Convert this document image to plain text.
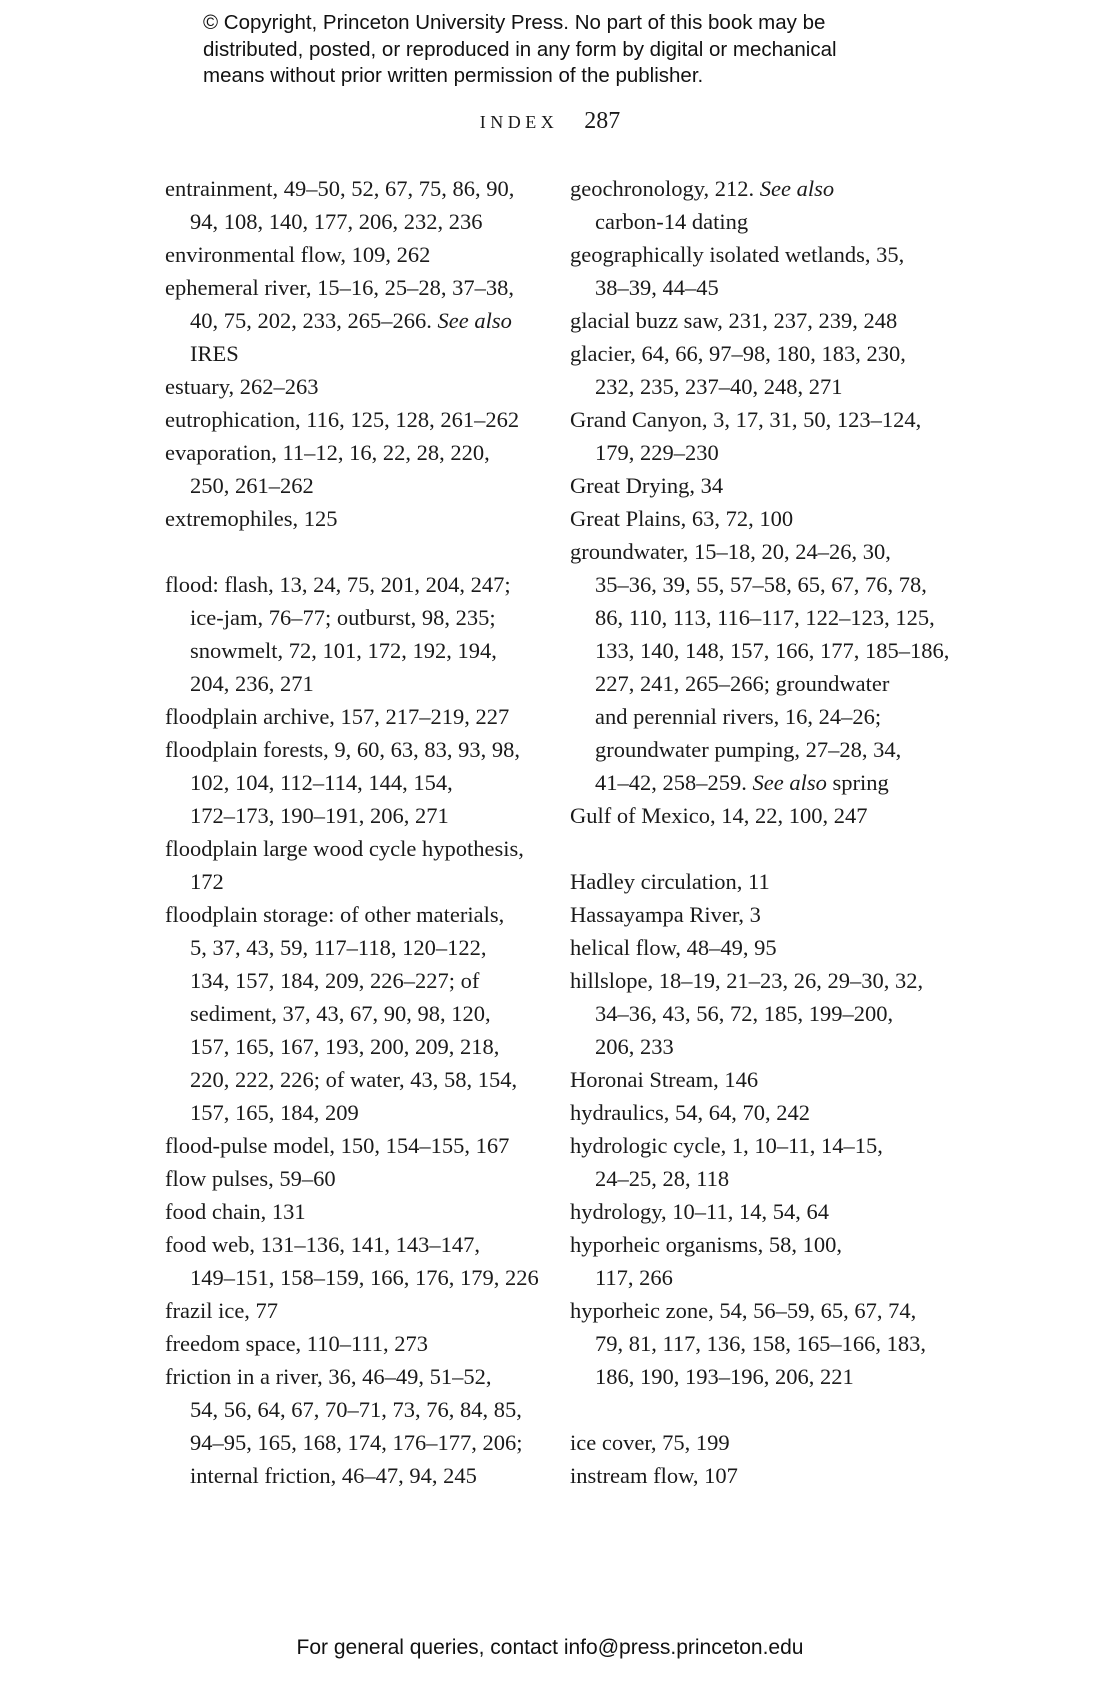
© Copyright, Princeton University Press. No part of this book may be
distributed, posted, or reproduced in any form by digital or mechanical
means without prior written permission of the publisher.
INDEX 287
entrainment, 49–50, 52, 67, 75, 86, 90,
94, 108, 140, 177, 206, 232, 236
environmental flow, 109, 262
ephemeral river, 15–16, 25–28, 37–38,
40, 75, 202, 233, 265–266. See also
IRES
estuary, 262–263
eutrophication, 116, 125, 128, 261–262
evaporation, 11–12, 16, 22, 28, 220,
250, 261–262
extremophiles, 125
flood: flash, 13, 24, 75, 201, 204, 247;
ice-jam, 76–77; outburst, 98, 235;
snowmelt, 72, 101, 172, 192, 194,
204, 236, 271
floodplain archive, 157, 217–219, 227
floodplain forests, 9, 60, 63, 83, 93, 98,
102, 104, 112–114, 144, 154,
172–173, 190–191, 206, 271
floodplain large wood cycle hypothesis,
172
floodplain storage: of other materials,
5, 37, 43, 59, 117–118, 120–122,
134, 157, 184, 209, 226–227; of
sediment, 37, 43, 67, 90, 98, 120,
157, 165, 167, 193, 200, 209, 218,
220, 222, 226; of water, 43, 58, 154,
157, 165, 184, 209
flood-pulse model, 150, 154–155, 167
flow pulses, 59–60
food chain, 131
food web, 131–136, 141, 143–147,
149–151, 158–159, 166, 176, 179, 226
frazil ice, 77
freedom space, 110–111, 273
friction in a river, 36, 46–49, 51–52,
54, 56, 64, 67, 70–71, 73, 76, 84, 85,
94–95, 165, 168, 174, 176–177, 206;
internal friction, 46–47, 94, 245
geochronology, 212. See also
carbon-14 dating
geographically isolated wetlands, 35,
38–39, 44–45
glacial buzz saw, 231, 237, 239, 248
glacier, 64, 66, 97–98, 180, 183, 230,
232, 235, 237–40, 248, 271
Grand Canyon, 3, 17, 31, 50, 123–124,
179, 229–230
Great Drying, 34
Great Plains, 63, 72, 100
groundwater, 15–18, 20, 24–26, 30,
35–36, 39, 55, 57–58, 65, 67, 76, 78,
86, 110, 113, 116–117, 122–123, 125,
133, 140, 148, 157, 166, 177, 185–186,
227, 241, 265–266; groundwater
and perennial rivers, 16, 24–26;
groundwater pumping, 27–28, 34,
41–42, 258–259. See also spring
Gulf of Mexico, 14, 22, 100, 247
Hadley circulation, 11
Hassayampa River, 3
helical flow, 48–49, 95
hillslope, 18–19, 21–23, 26, 29–30, 32,
34–36, 43, 56, 72, 185, 199–200,
206, 233
Horonai Stream, 146
hydraulics, 54, 64, 70, 242
hydrologic cycle, 1, 10–11, 14–15,
24–25, 28, 118
hydrology, 10–11, 14, 54, 64
hyporheic organisms, 58, 100,
117, 266
hyporheic zone, 54, 56–59, 65, 67, 74,
79, 81, 117, 136, 158, 165–166, 183,
186, 190, 193–196, 206, 221
ice cover, 75, 199
instream flow, 107
For general queries, contact info@press.princeton.edu
